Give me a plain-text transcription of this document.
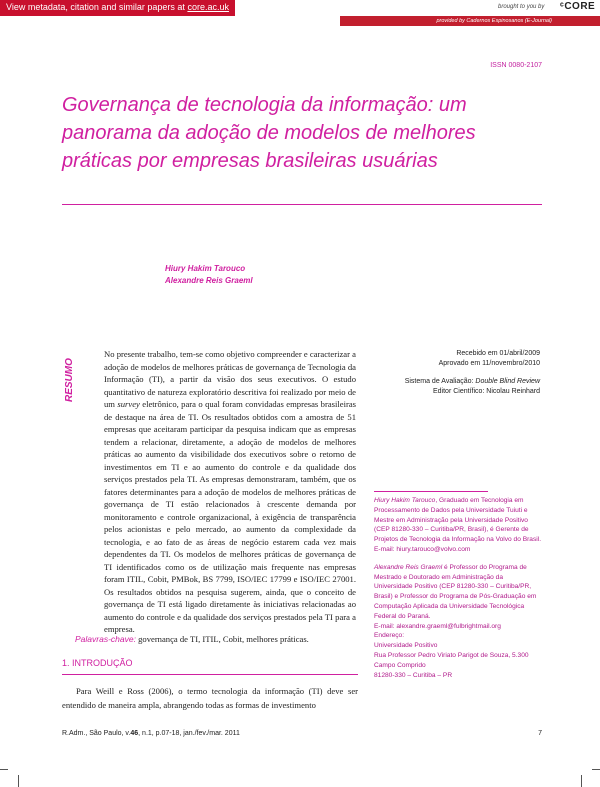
View metadata, citation and similar papers at core.ac.uk	brought to you by ᶜCORE
provided by Cadernos Espinosanos (E-Journal)
ISSN 0080-2107
Governança de tecnologia da informação: um panorama da adoção de modelos de melhores práticas por empresas brasileiras usuárias
Hiury Hakim Tarouco
Alexandre Reis Graeml
RESUMO

No presente trabalho, tem-se como objetivo compreender e caracterizar a adoção de modelos de melhores práticas de governança de Tecnologia da Informação (TI), a partir da visão dos seus executivos. O estudo quantitativo de natureza exploratório descritiva foi realizado por meio de um survey eletrônico, para o qual foram convidadas empresas brasileiras de destaque na área de TI. Os resultados obtidos com a amostra de 51 empresas que aceitaram participar da pesquisa indicam que as empresas tendem a relacionar, diretamente, a adoção de modelos de melhores práticas ao aumento da visibilidade dos executivos sobre o retorno de investimentos em TI e ao aumento do controle e da qualidade dos serviços prestados pela TI. As empresas demonstraram, também, que os fatores determinantes para a adoção de modelos de melhores práticas de governança de TI estão relacionados à crescente demanda por monitoramento e controle organizacional, à exigência de transparência pelos acionistas e pelo mercado, ao aumento da complexidade da tecnologia, e ao fato de as áreas de negócio estarem cada vez mais dependentes da TI. Os modelos de melhores práticas de governança de TI identificados como os de utilização mais frequente nas empresas foram ITIL, Cobit, PMBok, BS 7799, ISO/IEC 17799 e ISO/IEC 27001. Os resultados obtidos na pesquisa sugerem, ainda, que o conceito de governança de TI está ligado diretamente às iniciativas relacionadas ao aumento do controle e da qualidade dos serviços prestados pela TI para a empresa.

Recebido em 01/abril/2009
Aprovado em 11/novembro/2010
Sistema de Avaliação: Double Blind Review
Editor Científico: Nicolau Reinhard
Palavras-chave: governança de TI, ITIL, Cobit, melhores práticas.
1. INTRODUÇÃO

Para Weill e Ross (2006), o termo tecnologia da informação (TI) deve ser entendido de maneira ampla, abrangendo todas as formas de investimento

Hiury Hakim Tarouco, Graduado em Tecnologia em Processamento de Dados pela Universidade Tuiuti e Mestre em Administração pela Universidade Positivo (CEP 81280-330 – Curitiba/PR, Brasil), é Gerente de Projetos de Tecnologia da Informação na Volvo do Brasil.

E-mail: hiury.tarouco@volvo.com

Alexandre Reis Graeml é Professor do Programa de Mestrado e Doutorado em Administração da Universidade Positivo (CEP 81280-330 – Curitiba/PR, Brasil) e Professor do Programa de Pós-Graduação em Computação Aplicada da Universidade Tecnológica Federal do Paraná.

E-mail: alexandre.graeml@fulbrightmail.org

Endereço:

Universidade Positivo

Rua Professor Pedro Viriato Parigot de Souza, 5.300

Campo Comprido

81280-330 – Curitiba – PR

R.Adm., São Paulo, v.46, n.1, p.07-18, jan./fev./mar. 2011	7
